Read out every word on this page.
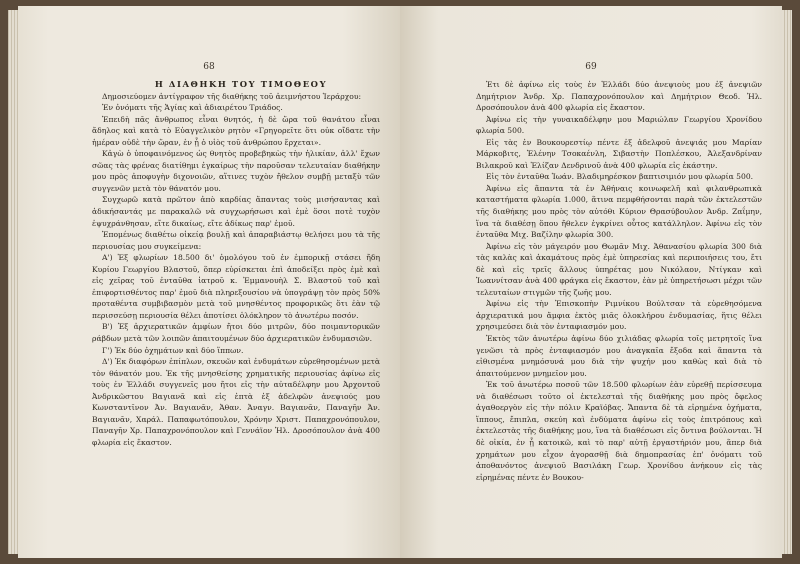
68

Η ΔΙΑΘΗΚΗ ΤΟΥ ΤΙΜΟΘΕΟΥ

Δημοσιεύομεν ἀντίγραφον τῆς διαθήκης τοῦ ἀειμνήστου Ἱεράρχου:

Ἐν ὀνόματι τῆς Ἁγίας καὶ ἀδιαιρέτου Τριάδος.

Ἐπειδὴ πᾶς ἄνθρωπος εἶναι θνητός, ἡ δὲ ὥρα τοῦ θανάτου εἶναι ἄδηλος καὶ κατὰ τὸ Εὐαγγελικὸν ρητὸν «Γρηγορεῖτε ὅτι οὐκ οἴδατε τὴν ἡμέραν οὐδὲ τὴν ὥραν, ἐν ᾗ ὁ υἱὸς τοῦ ἀνθρώπου ἔρχεται».

Κἀγὼ ὁ ὑποφαινόμενος ὡς θνητὸς προβεβηκὼς τὴν ἡλικίαν, ἀλλ' ἔχων σῶας τὰς φρένας διατίθημι ἐγκαίρως τὴν παροῦσαν τελευταίαν διαθήκην μου πρὸς ἀποφυγὴν διχονοιῶν, αἵτινες τυχὸν ἤθελον συμβῇ μεταξὺ τῶν συγγενῶν μετὰ τὸν θάνατόν μου.

Συγχωρῶ κατὰ πρῶτον ἀπὸ καρδίας ἅπαντας τοὺς μισήσαντας καὶ ἀδικήσαντάς με παρακαλῶ νὰ συγχωρήσωσι καὶ ἐμὲ ὅσοι ποτὲ τυχὸν ἐψυχράνθησαν, εἴτε δικαίως, εἴτε ἀδίκως παρ' ἐμοῦ.

Ἐπομένως διαθέτω οἰκείᾳ βουλῇ καὶ ἀπαραβιάστῳ θελήσει μου τὰ τῆς περιουσίας μου συγκείμενα:

Α') Ἐξ φλωρίων 18.500 δι' ὁμολόγου τοῦ ἐν ἐμπορικῇ στάσει ἤδη Κυρίου Γεωργίου Βλαστοῦ, ὅπερ εὑρίσκεται ἐπὶ ἀποδείξει πρὸς ἐμὲ καὶ εἰς χεῖρας τοῦ ἐνταῦθα ἰατροῦ κ. Ἐμμανουὴλ Σ. Βλαστοῦ τοῦ καὶ ἐπιφορτισθέντος παρ' ἐμοῦ διὰ πληρεξουσίου νὰ ὑπογράψῃ τὸν πρὸς 50% προταθέντα συμβιβασμὸν μετὰ τοῦ μνησθέντος προφορικῶς ὅτι ἐὰν τῷ περισσεύσῃ περιουσία θέλει ἀποτίσει ὁλόκληρον τὸ ἀνωτέρω ποσόν.

Β') Ἐξ ἀρχιερατικῶν ἀμφίων ἤτοι δύο μιτρῶν, δύο ποιμαντορικῶν ράβδων μετὰ τῶν λοιπῶν ἀπαιτουμένων δύο ἀρχιερατικῶν ἐνδυμασιῶν.

Γ') Ἐκ δύο ὀχημάτων καὶ δύο ἵππων.

Δ') Ἐκ διαφόρων ἐπίπλων, σκευῶν καὶ ἐνδυμάτων εὑρεθησομένων μετὰ τὸν θάνατόν μου. Ἐκ τῆς μνησθείσης χρηματικῆς περιουσίας ἀφίνω εἰς τοὺς ἐν Ἑλλάδι συγγενεῖς μου ἤτοι εἰς τὴν αὐταδέλφην μου Ἀρχοντοῦ Ἀνδρικῶστου Βαγιανᾶ καὶ εἰς ἑπτὰ ἐξ ἀδελφῶν ἀνεψιούς μου Κωνσταντῖνον Ἀν. Βαγιανᾶν, Ἀθαν. Ἀναγν. Βαγιανᾶν, Παναγῆν Ἀν. Βαγιανᾶν, Χαράλ. Παπαφωτόπουλον, Χρόνην Χριστ. Παπαχρονόπουλον, Παναγῆν Χρ. Παπαχρονόπουλον καὶ Γεννάϊον Ἠλ. Δροσόπουλον ἀνὰ 400 φλωρία εἰς ἕκαστον.

69

Ἐτι δὲ ἀφίνω εἰς τοὺς ἐν Ἑλλάδι δύο ἀνεψιοὺς μου ἐξ ἀνεψιῶν Δημήτριον Ἀνδρ. Χρ. Παπαχρονόπουλον καὶ Δημήτριον Θεοδ. Ἠλ. Δροσόπουλον ἀνὰ 400 φλωρία εἰς ἕκαστον.

Ἀφίνω εἰς τὴν γυναικαδέλφην μου Μαριώλαν Γεωργίου Χρονίδου φλωρία 500.

Εἰς τὰς ἐν Βουκουρεστίῳ πέντε ἐξ ἀδελφοῦ ἀνεψιάς μου Μαρίαν Μάρκοβιτς, Ἑλένην Τσοκαένλη, Σιβαστὴν Ποπλέσκου, Ἀλεξανδρίναν Βιλακροῦ καὶ Ἐλίζαν Δενδρινοῦ ἀνὰ 400 φλωρία εἰς ἑκάστην.

Εἰς τὸν ἐνταῦθα Ἰωάν. Βλαδιμηρέσκον βαπτισιμιόν μου φλωρία 500.

Ἀφίνω εἰς ἅπαντα τὰ ἐν Ἀθήναις κοινωφελῆ καὶ φιλανθρωπικὰ καταστήματα φλωρία 1.000, ἅτινα πεμφθήσονται παρὰ τῶν ἐκτελεστῶν τῆς διαθήκης μου πρὸς τὸν αὐτόθι Κύριον Θρασύβουλον Ἀνδρ. Ζαΐμην, ἵνα τὰ διαθέσῃ ὅπου ἤθελεν ἐγκρίνει οὗτος κατάλληλον. Ἀφίνω εἰς τὸν ἐνταῦθα Μιχ. Βαζίλην φλωρία 300.

Ἀφίνω εἰς τὸν μάγειρόν μου Θωμᾶν Μιχ. Ἀθανασίου φλωρία 300 διὰ τὰς καλὰς καὶ ἀκαμάτους πρὸς ἐμὲ ὑπηρεσίας καὶ περιποιήσεις του, ἔτι δὲ καὶ εἰς τρεῖς ἄλλους ὑπηρέτας μου Νικόλαον, Ντίγκαν καὶ Ἰωαννίτσαν ἀνὰ 400 φράγκα εἰς ἕκαστον, ἐὰν μὲ ὑπηρετήσωσι μέχρι τῶν τελευταίων στιγμῶν τῆς ζωῆς μου.

Ἀφίνω εἰς τὴν Ἐπισκοπὴν Ριμνίκου Βούλτσαν τὰ εὑρεθησόμενα ἀρχιερατικά μου ἄμφια ἐκτὸς μιᾶς ὁλοκλήρου ἐνδυμασίας, ἥτις θέλει χρησιμεύσει διὰ τὸν ἐνταφιασμόν μου.

Ἐκτὸς τῶν ἀνωτέρω ἀφίνω δύο χιλιάδας φλωρία τοῖς μετρητοῖς ἵνα γενῶσι τὰ πρὸς ἐνταφιασμόν μου ἀναγκαῖα ἔξοδα καὶ ἅπαντα τὰ εἰθισμένα μνημόσυνά μου διὰ τὴν ψυχήν μου καθὼς καὶ διὰ τὸ ἀπαιτούμενον μνημεῖον μου.

Ἐκ τοῦ ἀνωτέρω ποσοῦ τῶν 18.500 φλωρίων ἐὰν εὑρεθῇ περίσσευμα νὰ διαθέσωσι τοῦτο οἱ ἐκτελεσταὶ τῆς διαθήκης μου πρὸς ὄφελος ἀγαθοεργὸν εἰς τὴν πόλιν Κραϊόβας. Ἅπαντα δὲ τὰ εἰρημένα ὀχήματα, ἵππους, ἔπιπλα, σκεύη καὶ ἐνδύματα ἀφίνω εἰς τοὺς ἐπιτρόπους καὶ ἐκτελεστὰς τῆς διαθήκης μου, ἵνα τὰ διαθέσωσι εἰς ὅντινα βούλονται. Ἡ δὲ οἰκία, ἐν ᾗ κατοικῶ, καὶ τὸ παρ' αὐτῇ ἐργαστήριόν μου, ἅπερ διὰ χρημάτων μου εἶχον ἀγορασθῇ διὰ δημοπρασίας ἐπ' ὀνόματι τοῦ ἀποθανόντος ἀνεψιοῦ Βασιλάκη Γεωρ. Χρονίδου ἀνήκουν εἰς τὰς εἰρημένας πέντε ἐν Βουκου-
